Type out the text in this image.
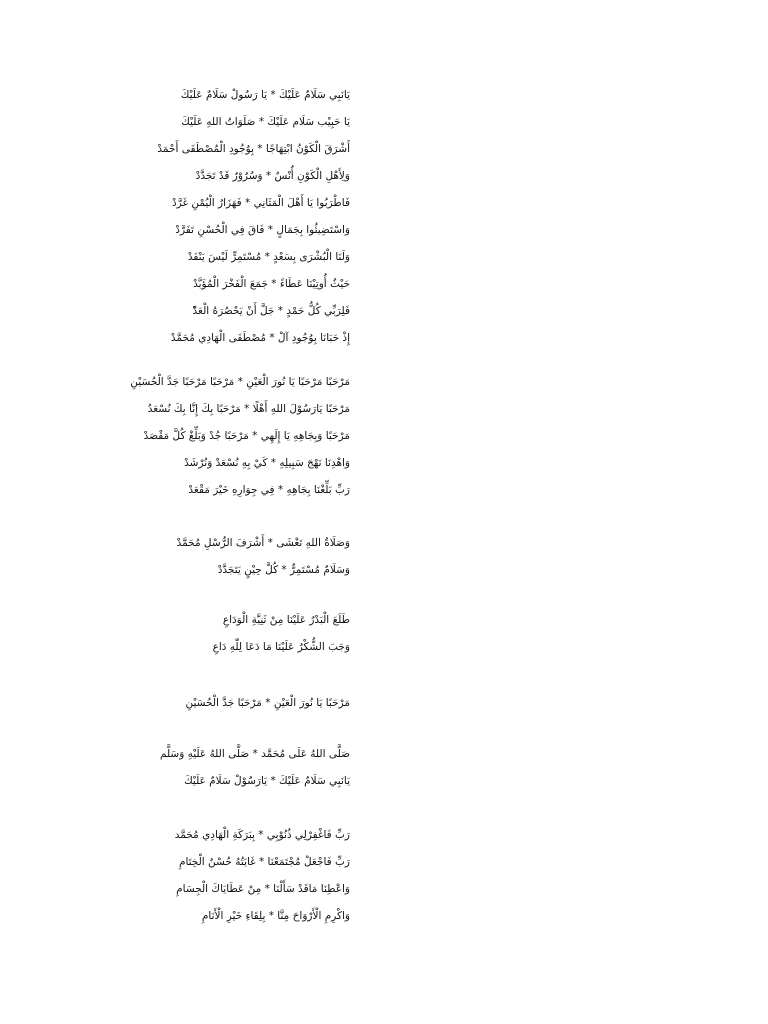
يَانَبِي سَلَامٌ عَلَيْكَ * يَا رَسُولْ سَلَامٌ عَلَيْكَ
يَا حَبِيْب سَلَام عَلَيْكَ * صَلَوَاتُ اللهِ عَلَيْكَ
أَشْرَقَ الْكَوْنُ ابْتِهَاجًا * بِوُجُودِ الْمُصْطَفَى أَحْمَدْ
وَلِأَهْلِ الْكَوْنِ أُنْسٌ * وَسُرُوْرٌ قَدْ تَجَدَّدْ
فَاطْرَبُوا يَا أَهْلَ الْمَثَانِي * فَهَزَارُ الْيُمْنِ غَرَّدْ
وَاسْتَضِيئُوا بِجَمَالٍ * فَاقَ فِي الْحُسْنِ تَفَرَّدْ
وَلَنَا الْبُشْرَى بِسَعْدٍ * مُسْتَمِرٍّ لَيْسَ يَنْفَدْ
حَيْثُ أُوتِيْنَا عَطَاءً * جَمَعَ الْفَخْرَ الْمُؤَبَّدْ
فَلِرَبِّي كُلُّ حَمْدٍ * جَلَّ أَنْ يَحْصُرَهُ الْعَدّْ
إِذْ حَبَانَا بِوُجُودِ آلْ * مُصْطَفَى الْهَادِي مُحَمَّدْ
مَرْحَبًا مَرْحَبًا يَا نُورَ الْعَيْنِ * مَرْحَبًا مَرْحَبًا جَدَّ الْحُسَيْنِ
مَرْحَبًا يَارَسُوْلَ اللهِ أَهْلًا * مَرْحَبًا بِكَ إِنَّا بِكَ نُسْعَدُ
مَرْحَبًا وَبِجَاهِهِ يَا إِلَهِي * مَرْحَبًا جُدْ وَبَلِّغْ كُلَّ مَقْصَدْ
وَاهْدِنَا نَهْجَ سَبِيلِهِ * كَيْ بِهِ نُسْعَدْ وَنُرْشَدْ
رَبِّ بَلِّغْنَا بِجَاهِهِ * فِي جِوَارِهِ خَيْرَ مَقْعَدْ
وَصَلَاةُ اللهِ تَغْشَى * أَشْرَفَ الرُّسْلِ مُحَمَّدْ
وَسَلَامٌ مُسْتَمِرٌّ * كُلَّ حِيْنٍ يَتَجَدَّدْ
طَلَعَ الْبَدْرُ عَلَيْنَا مِنْ ثَنِيَّةِ الْوَدَاعِ
وَجَبَ الشُّكْرُ عَلَيْنَا مَا دَعَا لِلّٰهِ دَاعِ
مَرْحَبًا يَا نُورَ الْعَيْنِ * مَرْحَبًا جَدَّ الْحُسَيْنِ
صَلَّى اللهُ عَلَى مُحَمَّد * صَلَّى اللهُ عَلَيْهِ وَسَلَّم
يَانَبِي سَلَامٌ عَلَيْكَ * يَارَسُوْلْ سَلَامٌ عَلَيْكَ
رَبِّ فَاغْفِرْلِي ذُنُوْبِي * بِبَرَكَةِ الْهَادِي مُحَمَّد
رَبِّ فَاجْعَلْ مُجْتَمَعْنَا * غَايَتُهُ حُسْنُ الْخِتَامِ
وَاعْطِنَا مَاقَدْ سَأَلْنَا * مِنْ عَطَايَاكَ الْجِسَامِ
وَاكْرِمِ الْأَرْوَاحَ مِنَّا * بِلِقَاءِ خَيْرِ الْأَنَامِ
